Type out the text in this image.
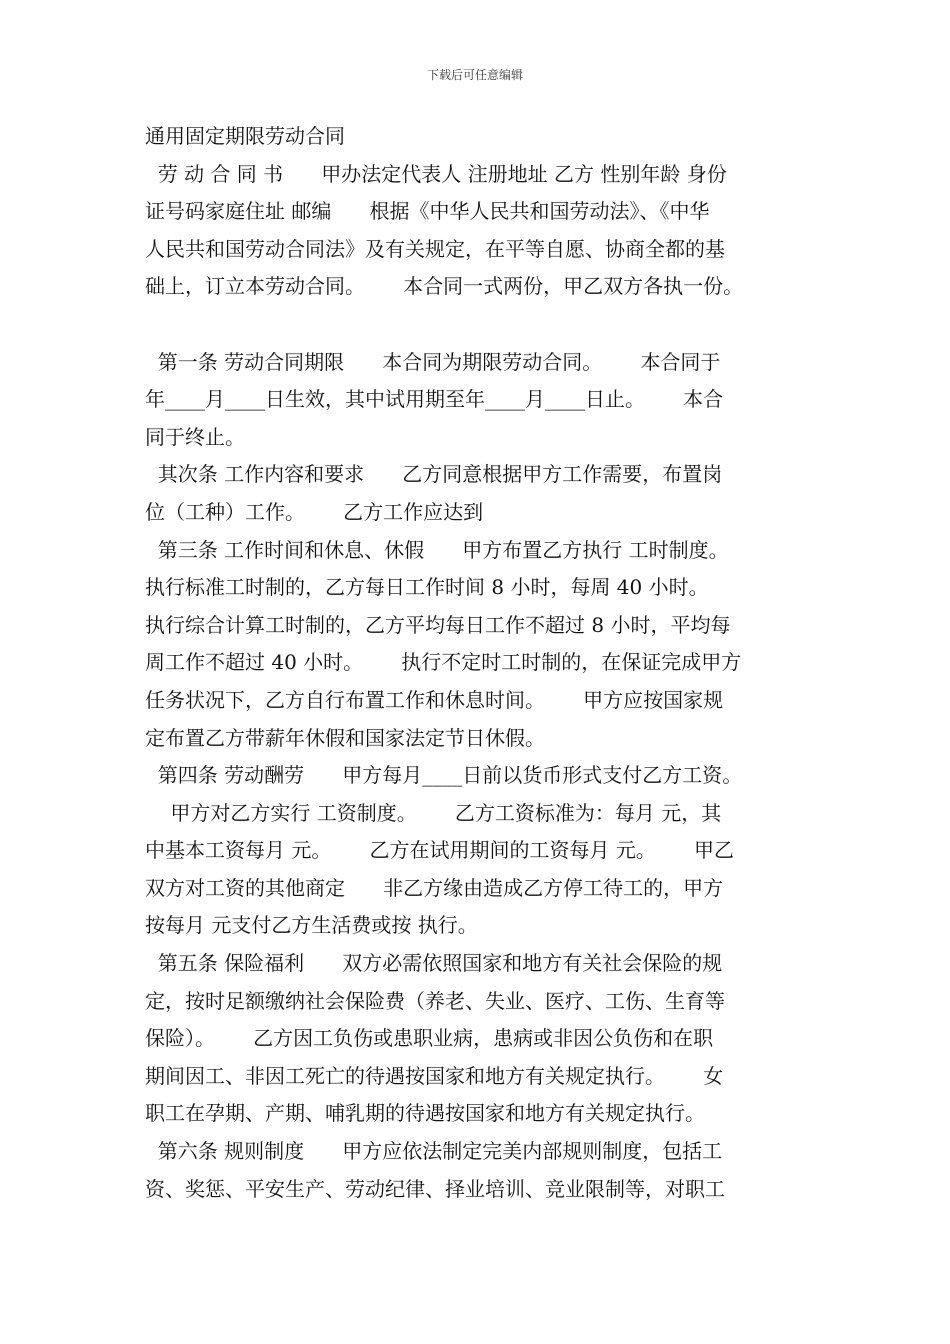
下载后可任意编辑
通用固定期限劳动合同
劳 动 合 同 书      甲办法定代表人 注册地址 乙方 性别年龄 身份
证号码家庭住址 邮编      根据《中华人民共和国劳动法》、《中华
人民共和国劳动合同法》及有关规定，在平等自愿、协商全都的基
础上，订立本劳动合同。      本合同一式两份，甲乙双方各执一份。
第一条 劳动合同期限      本合同为期限劳动合同。      本合同于
年____月____日生效，其中试用期至年____月____日止。      本合
同于终止。
其次条 工作内容和要求      乙方同意根据甲方工作需要，布置岗
位（工种）工作。      乙方工作应达到
第三条 工作时间和休息、休假      甲方布置乙方执行 工时制度。
执行标准工时制的，乙方每日工作时间 8 小时，每周 40 小时。
执行综合计算工时制的，乙方平均每日工作不超过 8 小时，平均每
周工作不超过 40 小时。      执行不定时工时制的，在保证完成甲方
任务状况下，乙方自行布置工作和休息时间。      甲方应按国家规
定布置乙方带薪年休假和国家法定节日休假。
第四条 劳动酬劳      甲方每月____日前以货币形式支付乙方工资。
甲方对乙方实行 工资制度。      乙方工资标准为：每月 元，其
中基本工资每月 元。      乙方在试用期间的工资每月 元。      甲乙
双方对工资的其他商定      非乙方缘由造成乙方停工待工的，甲方
按每月 元支付乙方生活费或按 执行。
第五条 保险福利      双方必需依照国家和地方有关社会保险的规
定，按时足额缴纳社会保险费（养老、失业、医疗、工伤、生育等
保险）。      乙方因工负伤或患职业病，患病或非因公负伤和在职
期间因工、非因工死亡的待遇按国家和地方有关规定执行。      女
职工在孕期、产期、哺乳期的待遇按国家和地方有关规定执行。
第六条 规则制度      甲方应依法制定完美内部规则制度，包括工
资、奖惩、平安生产、劳动纪律、择业培训、竞业限制等，对职工
